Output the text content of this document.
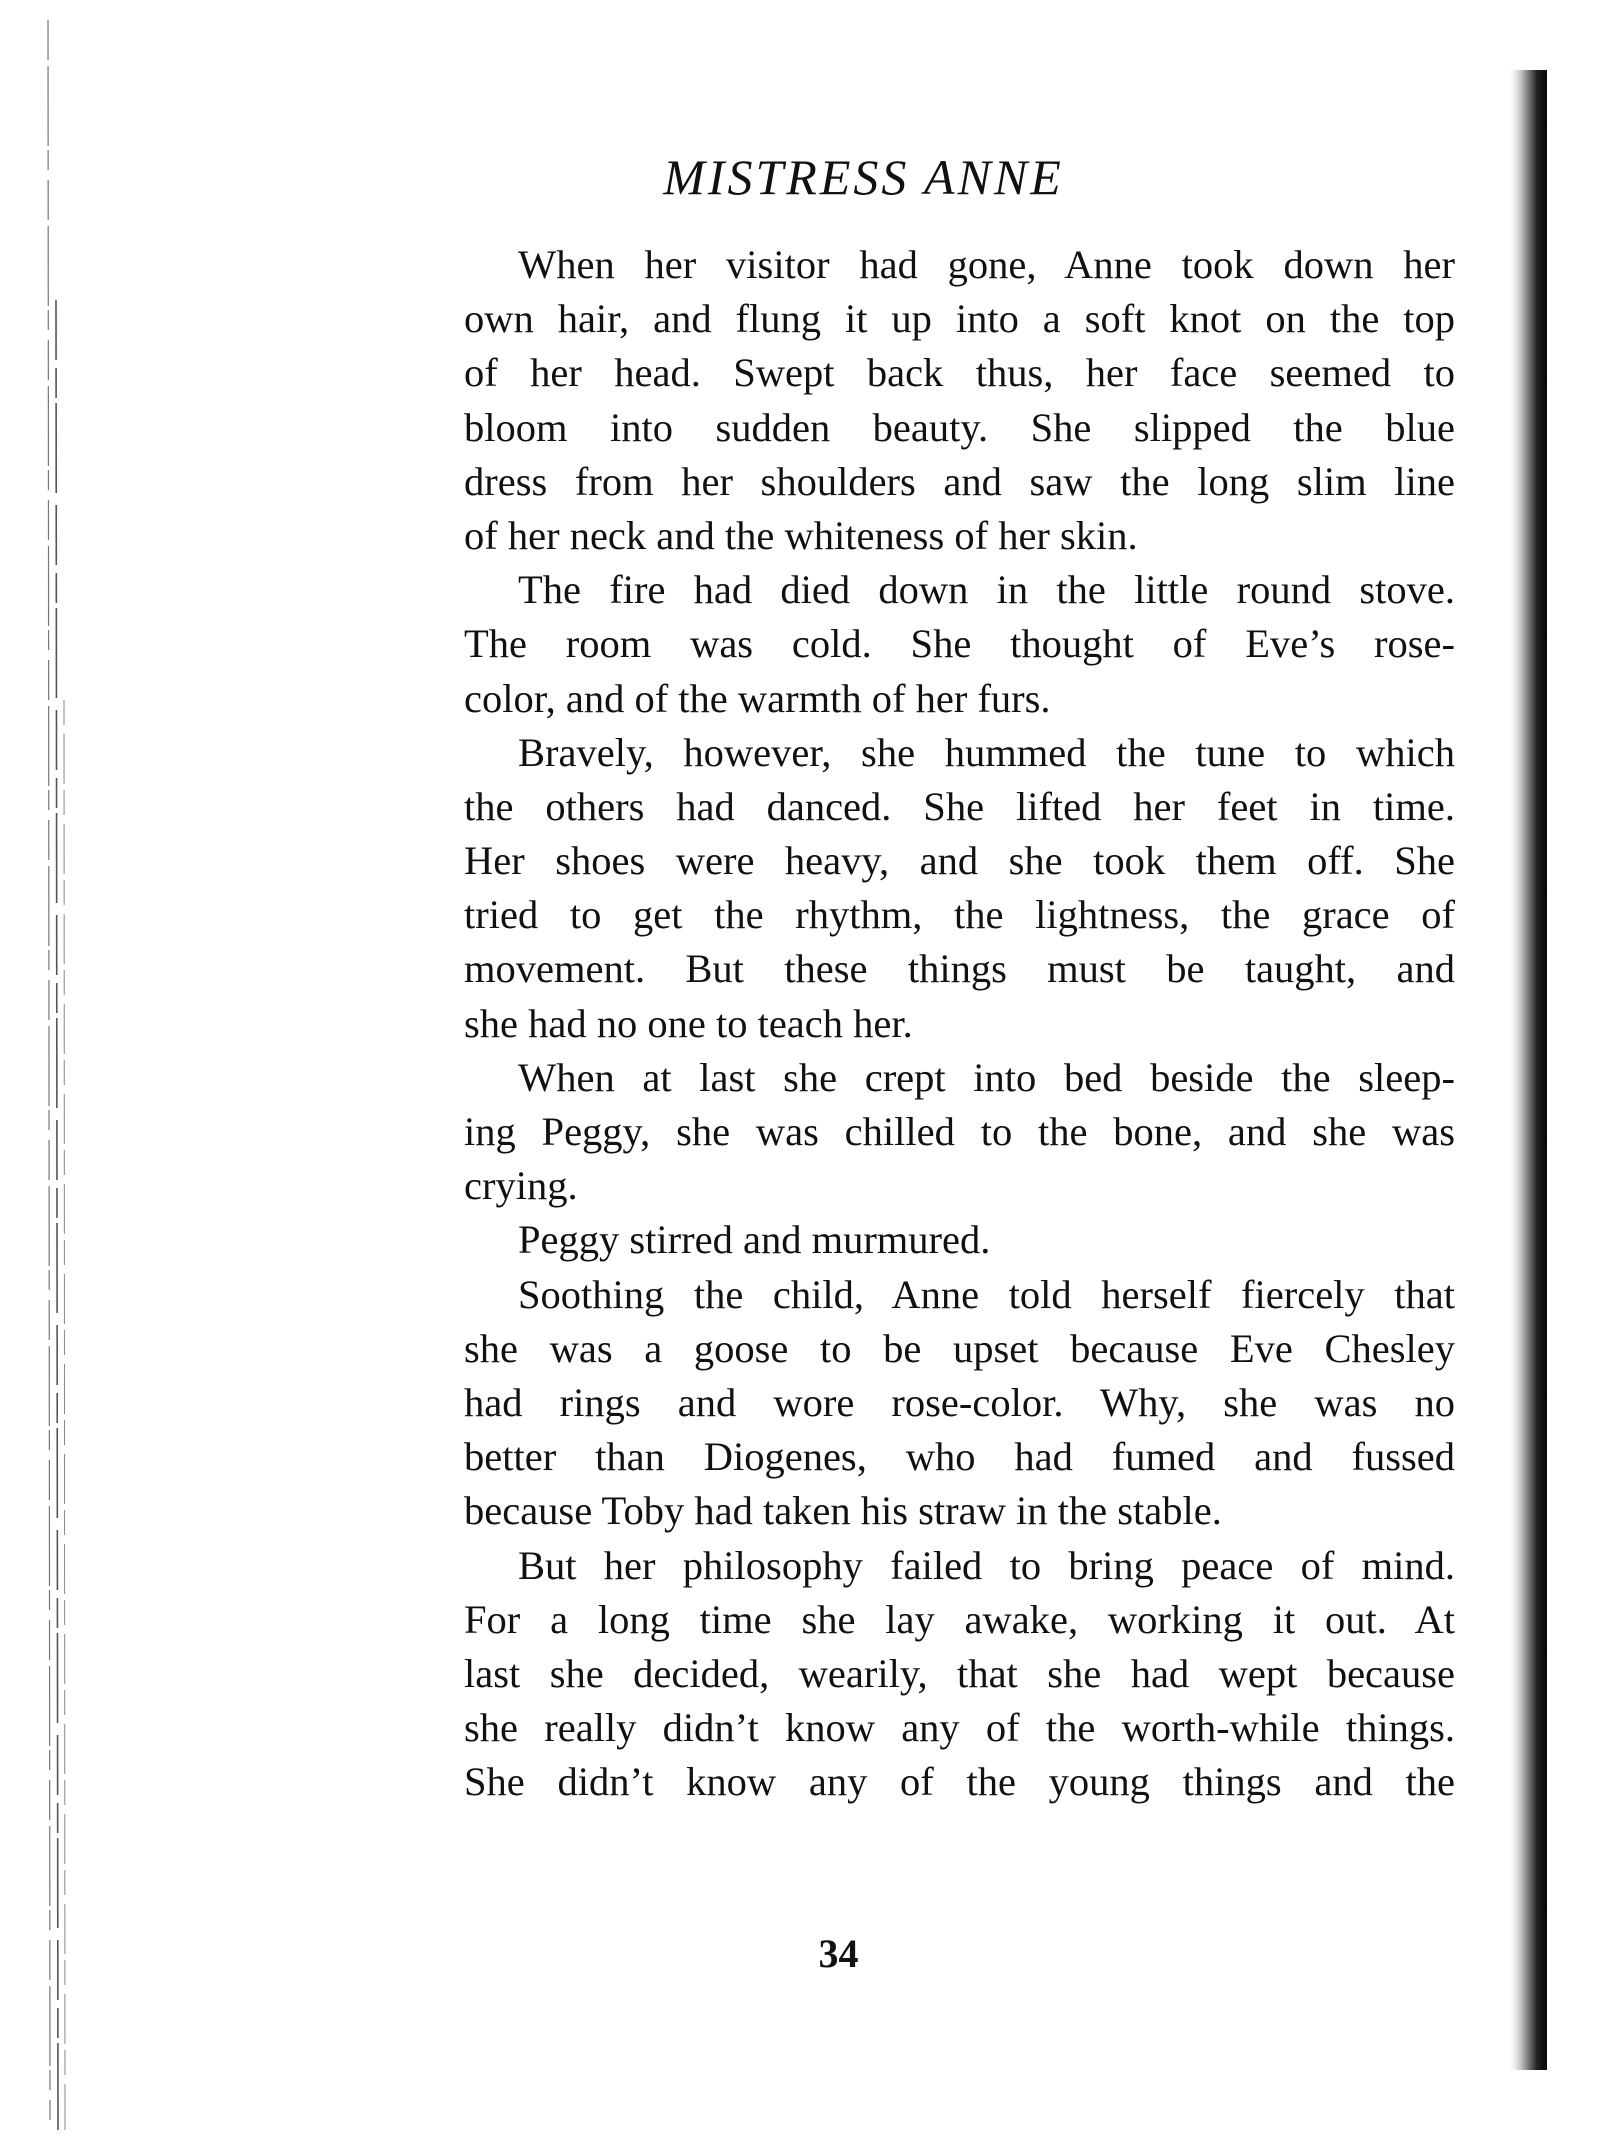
MISTRESS ANNE
When her visitor had gone, Anne took down her
own hair, and flung it up into a soft knot on the top
of her head. Swept back thus, her face seemed to
bloom into sudden beauty. She slipped the blue
dress from her shoulders and saw the long slim line
of her neck and the whiteness of her skin.
The fire had died down in the little round stove.
The room was cold. She thought of Eve’s rose-
color, and of the warmth of her furs.
Bravely, however, she hummed the tune to which
the others had danced. She lifted her feet in time.
Her shoes were heavy, and she took them off. She
tried to get the rhythm, the lightness, the grace of
movement. But these things must be taught, and
she had no one to teach her.
When at last she crept into bed beside the sleep-
ing Peggy, she was chilled to the bone, and she was
crying.
Peggy stirred and murmured.
Soothing the child, Anne told herself fiercely that
she was a goose to be upset because Eve Chesley
had rings and wore rose-color. Why, she was no
better than Diogenes, who had fumed and fussed
because Toby had taken his straw in the stable.
But her philosophy failed to bring peace of mind.
For a long time she lay awake, working it out. At
last she decided, wearily, that she had wept because
she really didn’t know any of the worth-while things.
She didn’t know any of the young things and the
34
